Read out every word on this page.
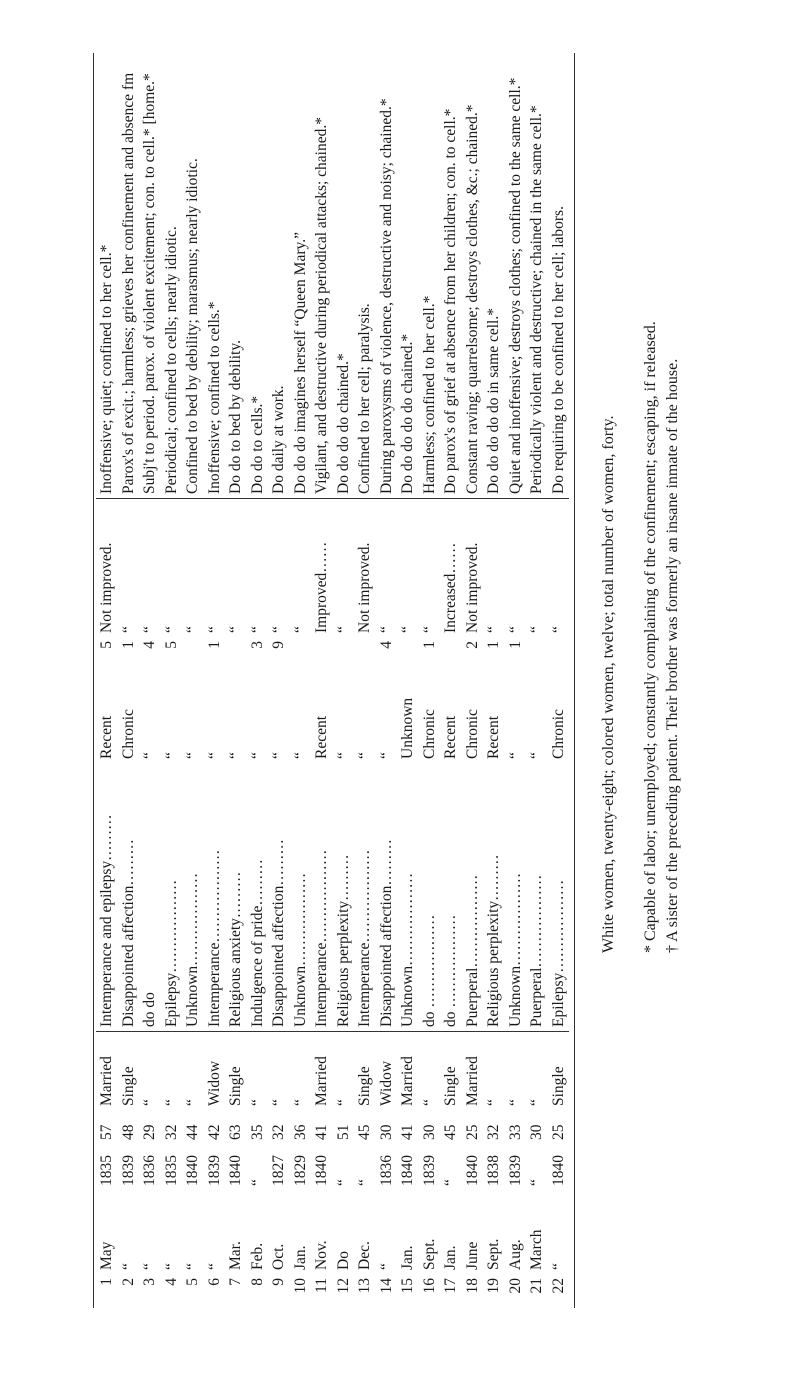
1	May	1835	57	Married	Intemperance and epilepsy………	Recent	5	Not improved.	Inoffensive; quiet; confined to her cell.*
2	“	1839	48	Single	Disappointed affection………	Chronic	1	“	Parox's of excit.; harmless; grieves her confinement and absence fm
3	“	1836	29	“	do do	“	4	“	Subj't to period. parox. of violent excitement; con. to cell.* [home.*
4	“	1835	32	“	Epilepsy………………	“	5	“	Periodical; confined to cells; nearly idiotic.
5	“	1840	44	“	Unknown………………	“		“	Confined to bed by debility; marasmus; nearly idiotic.
6	“	1839	42	Widow	Intemperance………………	“	1	“	Inoffensive; confined to cells.*
7	Mar.	1840	63	Single	Religious anxiety………	“		“	Do do to bed by debility.
8	Feb.	“	35	“	Indulgence of pride………	“	3	“	Do do to cells.*
9	Oct.	1827	32	“	Disappointed affection………	“	9	“	Do daily at work.
10	Jan.	1829	36	“	Unknown………………	“		“	Do do do imagines herself “Queen Mary.”
11	Nov.	1840	41	Married	Intemperance………………	Recent		Improved……	Vigilant, and destructive during periodical attacks; chained.*
12	Do	“	51	“	Religious perplexity………	“		“	Do do do do chained.*
13	Dec.	“	45	Single	Intemperance………………	“		Not improved.	Confined to her cell; paralysis.
14	“	1836	30	Widow	Disappointed affection………	“	4	“	During paroxysms of violence, destructive and noisy; chained.*
15	Jan.	1840	41	Married	Unknown………………	Unknown		“	Do do do do do chained.*
16	Sept.	1839	30	“	do ………………	Chronic	1	“	Harmless; confined to her cell.*
17	Jan.	“	45	Single	do ………………	Recent		Increased……	Do parox's of grief at absence from her children; con. to cell.*
18	June	1840	25	Married	Puerperal………………	Chronic	2	Not improved.	Constant raving; quarrelsome; destroys clothes, &c.; chained.*
19	Sept.	1838	32	“	Religious perplexity………	Recent	1	“	Do do do do do in same cell.*
20	Aug.	1839	33	“	Unknown………………	“	1	“	Quiet and inoffensive; destroys clothes; confined to the same cell.*
21	March	“	30	“	Puerperal………………	“		“	Periodically violent and destructive; chained in the same cell.*
22	“	1840	25	Single	Epilepsy………………	Chronic		“	Do requiring to be confined to her cell; labors.
White women, twenty-eight; colored women, twelve; total number of women, forty. * Capable of labor; unemployed; constantly complaining of the confinement; escaping, if released. † A sister of the preceding patient. Their brother was formerly an insane inmate of the house.
